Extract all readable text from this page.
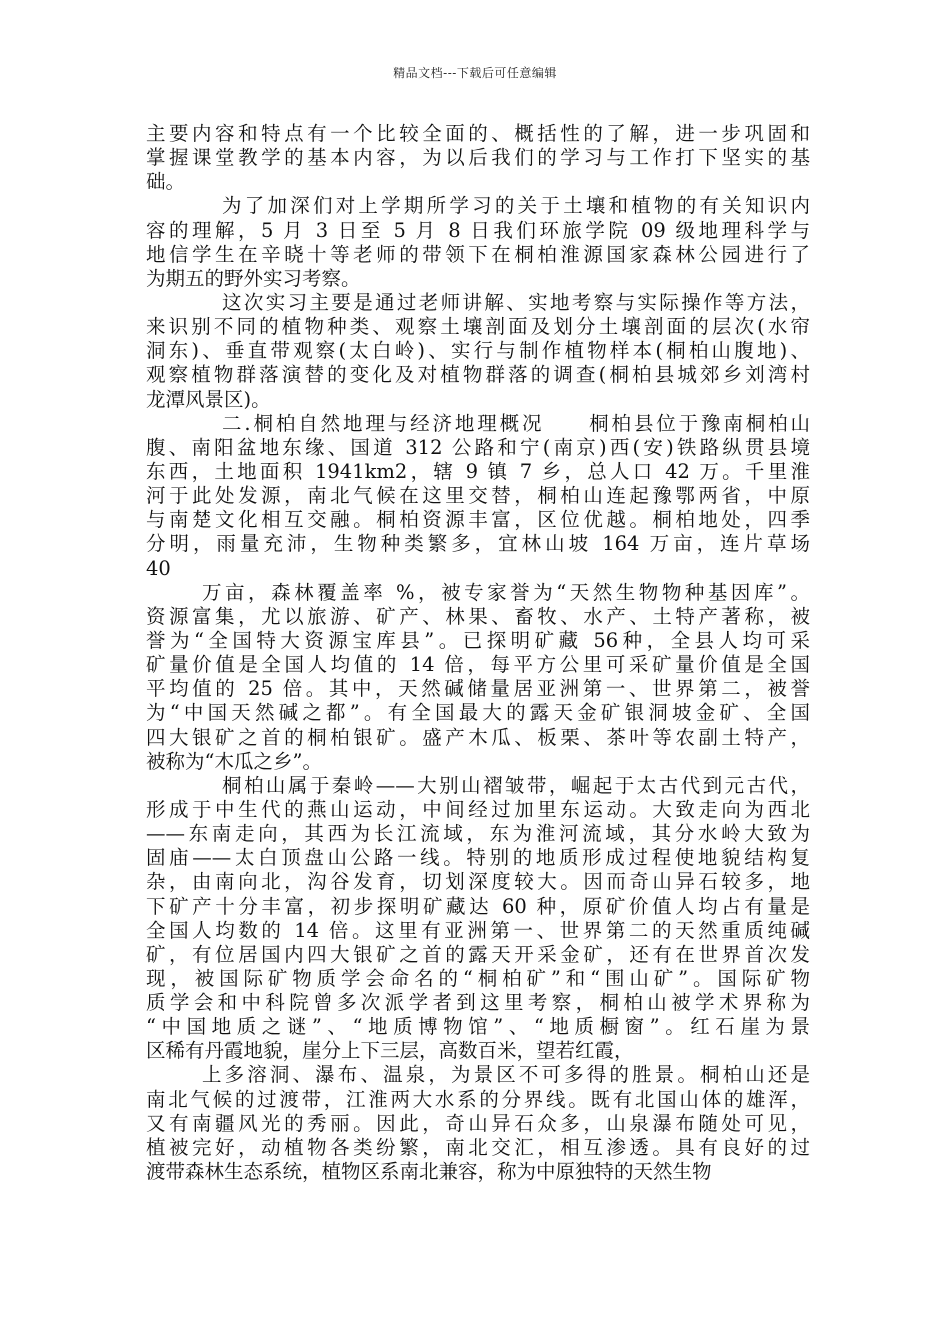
精品文档---下载后可任意编辑
主要内容和特点有一个比较全面的、概括性的了解，进一步巩固和
掌握课堂教学的基本内容，为以后我们的学习与工作打下坚实的基
础。
为了加深们对上学期所学习的关于土壤和植物的有关知识内
容的理解，5 月 3 日至 5 月 8 日我们环旅学院 09 级地理科学与
地信学生在辛晓十等老师的带领下在桐柏淮源国家森林公园进行了
为期五的野外实习考察。
这次实习主要是通过老师讲解、实地考察与实际操作等方法，
来识别不同的植物种类、观察土壤剖面及划分土壤剖面的层次(水帘
洞东)、垂直带观察(太白岭)、实行与制作植物样本(桐柏山腹地)、
观察植物群落演替的变化及对植物群落的调查(桐柏县城郊乡刘湾村
龙潭风景区)。
二.桐柏自然地理与经济地理概况　　桐柏县位于豫南桐柏山
腹、南阳盆地东缘、国道 312 公路和宁(南京)西(安)铁路纵贯县境
东西，土地面积 1941km2，辖 9 镇 7 乡，总人口 42 万。千里淮
河于此处发源，南北气候在这里交替，桐柏山连起豫鄂两省，中原
与南楚文化相互交融。桐柏资源丰富，区位优越。桐柏地处，四季
分明，雨量充沛，生物种类繁多，宜林山坡 164 万亩，连片草场
40
万亩，森林覆盖率 %，被专家誉为“天然生物物种基因库”。
资源富集，尤以旅游、矿产、林果、畜牧、水产、土特产著称，被
誉为“全国特大资源宝库县”。已探明矿藏 56种，全县人均可采
矿量价值是全国人均值的 14 倍，每平方公里可采矿量价值是全国
平均值的 25 倍。其中，天然碱储量居亚洲第一、世界第二，被誉
为“中国天然碱之都”。有全国最大的露天金矿银洞坡金矿、全国
四大银矿之首的桐柏银矿。盛产木瓜、板栗、茶叶等农副土特产，
被称为“木瓜之乡”。
桐柏山属于秦岭——大别山褶皱带，崛起于太古代到元古代，
形成于中生代的燕山运动，中间经过加里东运动。大致走向为西北
——东南走向，其西为长江流域，东为淮河流域，其分水岭大致为
固庙——太白顶盘山公路一线。特别的地质形成过程使地貌结构复
杂，由南向北，沟谷发育，切划深度较大。因而奇山异石较多，地
下矿产十分丰富，初步探明矿藏达 60 种，原矿价值人均占有量是
全国人均数的 14 倍。这里有亚洲第一、世界第二的天然重质纯碱
矿，有位居国内四大银矿之首的露天开采金矿，还有在世界首次发
现，被国际矿物质学会命名的“桐柏矿”和“围山矿”。国际矿物
质学会和中科院曾多次派学者到这里考察，桐柏山被学术界称为
“中国地质之谜”、“地质博物馆”、“地质橱窗”。红石崖为景
区稀有丹霞地貌，崖分上下三层，高数百米，望若红霞，
上多溶洞、瀑布、温泉，为景区不可多得的胜景。桐柏山还是
南北气候的过渡带，江淮两大水系的分界线。既有北国山体的雄浑，
又有南疆风光的秀丽。因此，奇山异石众多，山泉瀑布随处可见，
植被完好，动植物各类纷繁，南北交汇，相互渗透。具有良好的过
渡带森林生态系统，植物区系南北兼容，称为中原独特的天然生物
